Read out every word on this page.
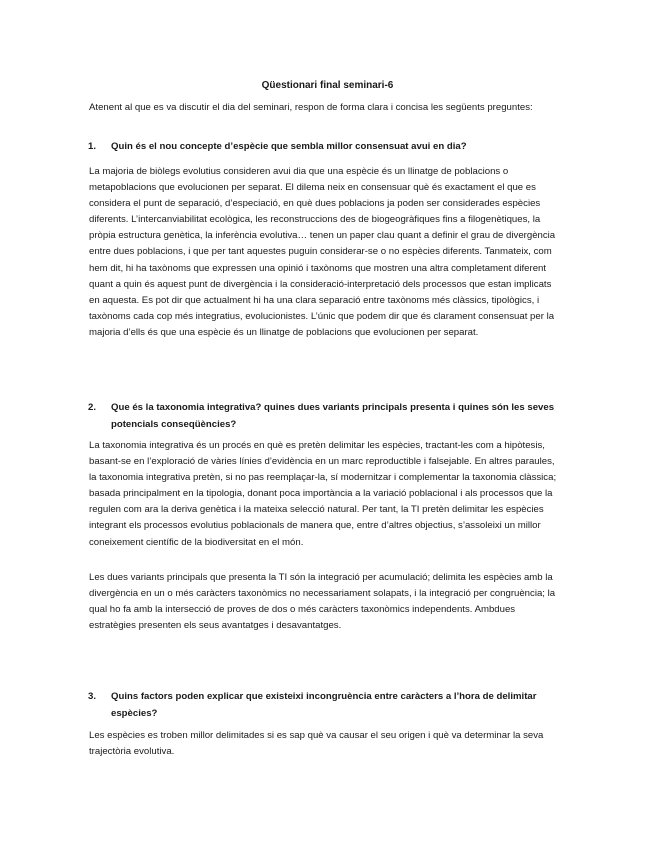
Qüestionari final seminari-6

Atenent al que es va discutir el dia del seminari, respon de forma clara i concisa les següents preguntes:

1. Quin és el nou concepte d’espècie que sembla millor consensuat avui en dia?

La majoria de biòlegs evolutius consideren avui dia que una espècie és un llinatge de poblacions o metapoblacions que evolucionen per separat. El dilema neix en consensuar què és exactament el que es considera el punt de separació, d’especiació, en què dues poblacions ja poden ser considerades espècies diferents. L’intercanviabilitat ecològica, les reconstruccions des de biogeogràfiques fins a filogenètiques, la pròpia estructura genètica, la inferència evolutiva… tenen un paper clau quant a definir el grau de divergència entre dues poblacions, i que per tant aquestes puguin considerar-se o no espècies diferents. Tanmateix, com hem dit, hi ha taxònoms que expressen una opinió i taxònoms que mostren una altra completament diferent quant a quin és aquest punt de divergència i la consideració-interpretació dels processos que estan implicats en aquesta. Es pot dir que actualment hi ha una clara separació entre taxònoms més clàssics, tipològics, i taxònoms cada cop més integratius, evolucionistes. L’únic que podem dir que és clarament consensuat per la majoria d’ells és que una espècie és un llinatge de poblacions que evolucionen per separat.

2. Que és la taxonomia integrativa? quines dues variants principals presenta i quines són les seves potencials conseqüències?

La taxonomia integrativa és un procés en què es pretèn delimitar les espècies, tractant-les com a hipòtesis, basant-se en l’exploració de vàries línies d’evidència en un marc reproductible i falsejable. En altres paraules, la taxonomia integrativa pretèn, si no pas reemplaçar-la, sí modernitzar i complementar la taxonomia clàssica; basada principalment en la tipologia, donant poca importància a la variació poblacional i als processos que la regulen com ara la deriva genètica i la mateixa selecció natural. Per tant, la TI pretèn delimitar les espècies integrant els processos evolutius poblacionals de manera que, entre d’altres objectius, s’assoleixi un millor coneixement científic de la biodiversitat en el món.

Les dues variants principals que presenta la TI són la integració per acumulació; delimita les espècies amb la divergència en un o més caràcters taxonòmics no necessariament solapats, i la integració per congruència; la qual ho fa amb la intersecció de proves de dos o més caràcters taxonòmics independents. Ambdues estratègies presenten els seus avantatges i desavantatges.

3. Quins factors poden explicar que existeixi incongruència entre caràcters a l’hora de delimitar espècies?

Les espècies es troben millor delimitades si es sap què va causar el seu origen i què va determinar la seva trajectòria evolutiva.
